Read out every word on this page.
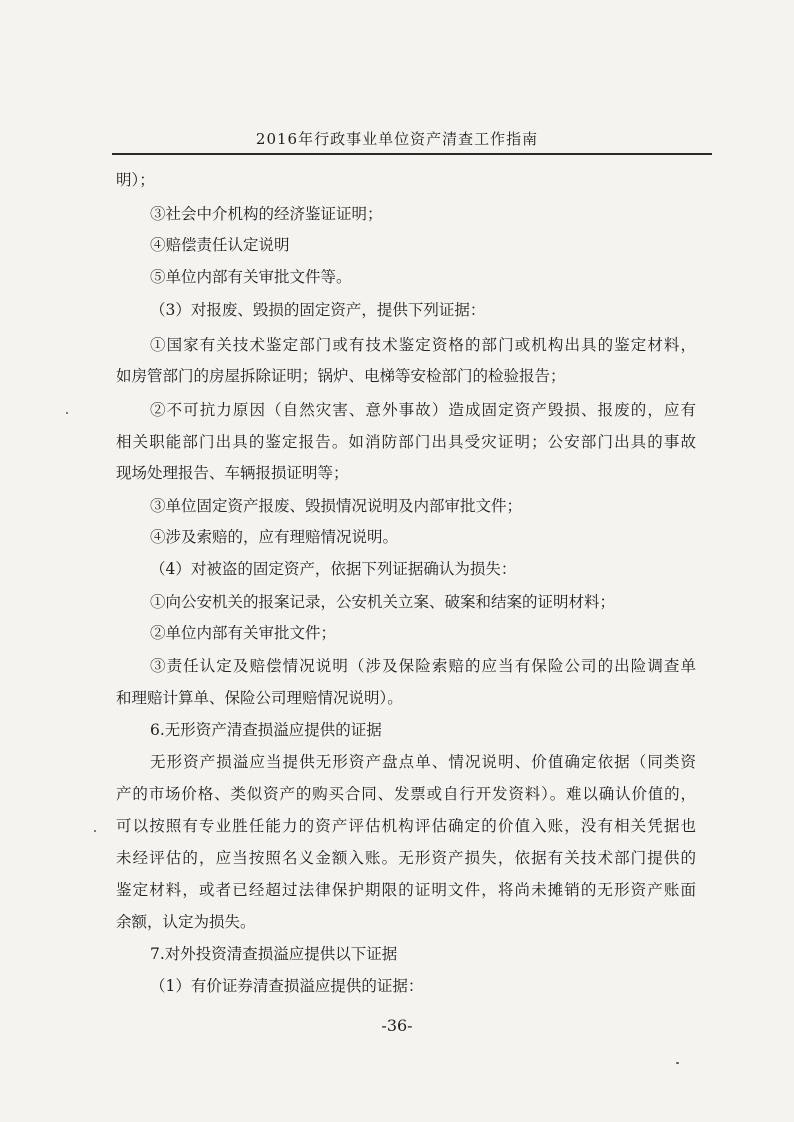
2016年行政事业单位资产清查工作指南
明）；
③社会中介机构的经济鉴证证明；
④赔偿责任认定说明
⑤单位内部有关审批文件等。
（3）对报废、毁损的固定资产，提供下列证据：
①国家有关技术鉴定部门或有技术鉴定资格的部门或机构出具的鉴定材料，
如房管部门的房屋拆除证明；锅炉、电梯等安检部门的检验报告；
②不可抗力原因（自然灾害、意外事故）造成固定资产毁损、报废的，应有
相关职能部门出具的鉴定报告。如消防部门出具受灾证明；公安部门出具的事故
现场处理报告、车辆报损证明等；
③单位固定资产报废、毁损情况说明及内部审批文件；
④涉及索赔的，应有理赔情况说明。
（4）对被盗的固定资产，依据下列证据确认为损失：
①向公安机关的报案记录，公安机关立案、破案和结案的证明材料；
②单位内部有关审批文件；
③责任认定及赔偿情况说明（涉及保险索赔的应当有保险公司的出险调查单
和理赔计算单、保险公司理赔情况说明）。
6.无形资产清查损溢应提供的证据
无形资产损溢应当提供无形资产盘点单、情况说明、价值确定依据（同类资
产的市场价格、类似资产的购买合同、发票或自行开发资料）。难以确认价值的，
可以按照有专业胜任能力的资产评估机构评估确定的价值入账，没有相关凭据也
未经评估的，应当按照名义金额入账。无形资产损失，依据有关技术部门提供的
鉴定材料，或者已经超过法律保护期限的证明文件，将尚未摊销的无形资产账面
余额，认定为损失。
7.对外投资清查损溢应提供以下证据
（1）有价证券清查损溢应提供的证据：
-36-
